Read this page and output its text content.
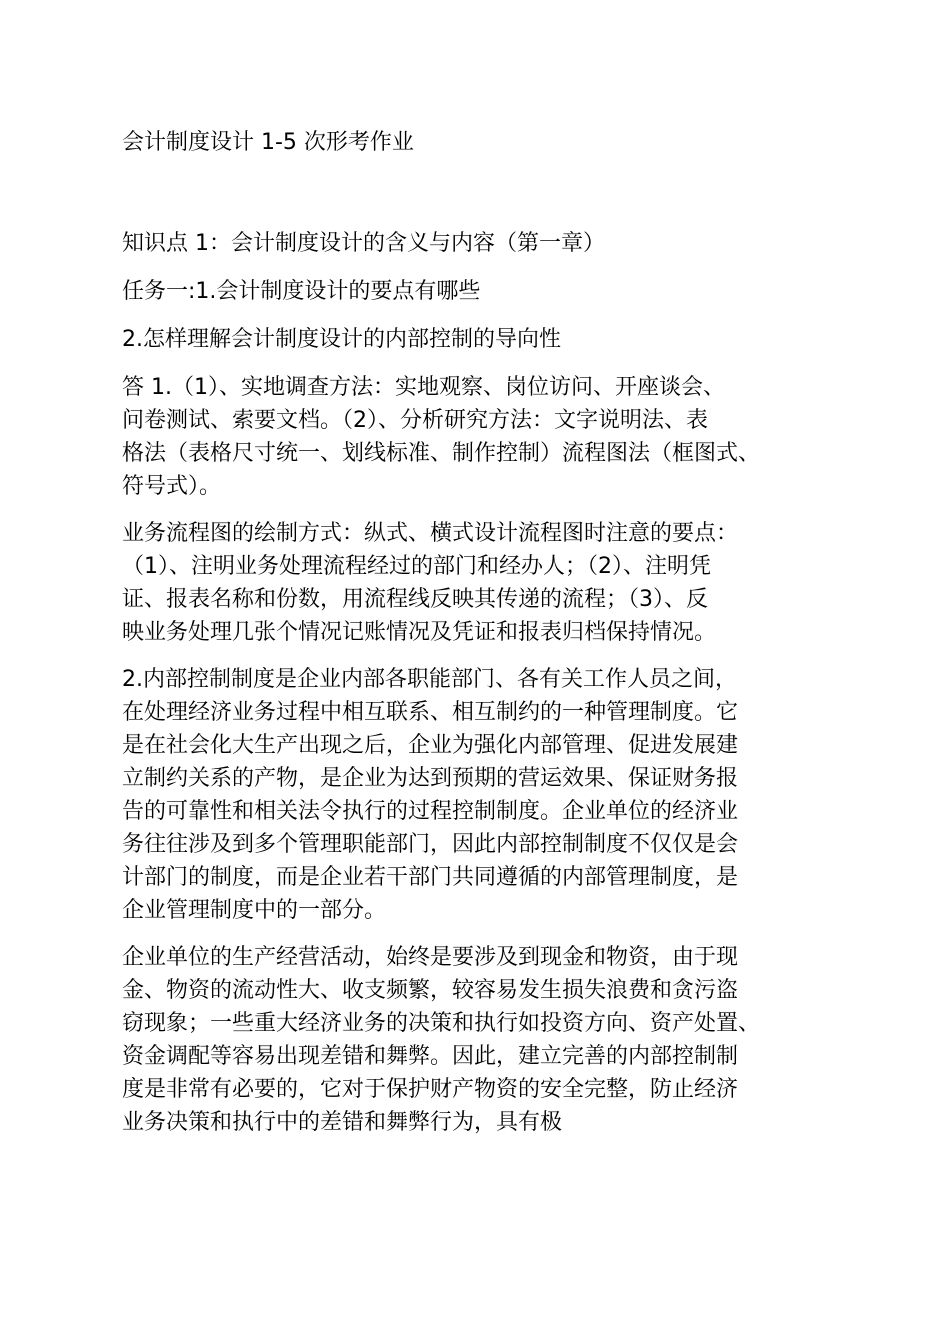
会计制度设计 1-5 次形考作业

知识点 1：会计制度设计的含义与内容（第一章）

任务一:1.会计制度设计的要点有哪些

2.怎样理解会计制度设计的内部控制的导向性

答 1.（1）、实地调查方法：实地观察、岗位访问、开座谈会、

问卷测试、索要文档。（2）、分析研究方法：文字说明法、表

格法（表格尺寸统一、划线标准、制作控制）流程图法（框图式、

符号式）。

业务流程图的绘制方式：纵式、横式设计流程图时注意的要点：

（1）、注明业务处理流程经过的部门和经办人；（2）、注明凭

证、报表名称和份数，用流程线反映其传递的流程；（3）、反

映业务处理几张个情况记账情况及凭证和报表归档保持情况。

2.内部控制制度是企业内部各职能部门、各有关工作人员之间，

在处理经济业务过程中相互联系、相互制约的一种管理制度。它

是在社会化大生产出现之后，企业为强化内部管理、促进发展建

立制约关系的产物，是企业为达到预期的营运效果、保证财务报

告的可靠性和相关法令执行的过程控制制度。企业单位的经济业

务往往涉及到多个管理职能部门，因此内部控制制度不仅仅是会

计部门的制度，而是企业若干部门共同遵循的内部管理制度，是

企业管理制度中的一部分。

企业单位的生产经营活动，始终是要涉及到现金和物资，由于现

金、物资的流动性大、收支频繁，较容易发生损失浪费和贪污盗

窃现象；一些重大经济业务的决策和执行如投资方向、资产处置、

资金调配等容易出现差错和舞弊。因此，建立完善的内部控制制

度是非常有必要的，它对于保护财产物资的安全完整，防止经济

业务决策和执行中的差错和舞弊行为，具有极
